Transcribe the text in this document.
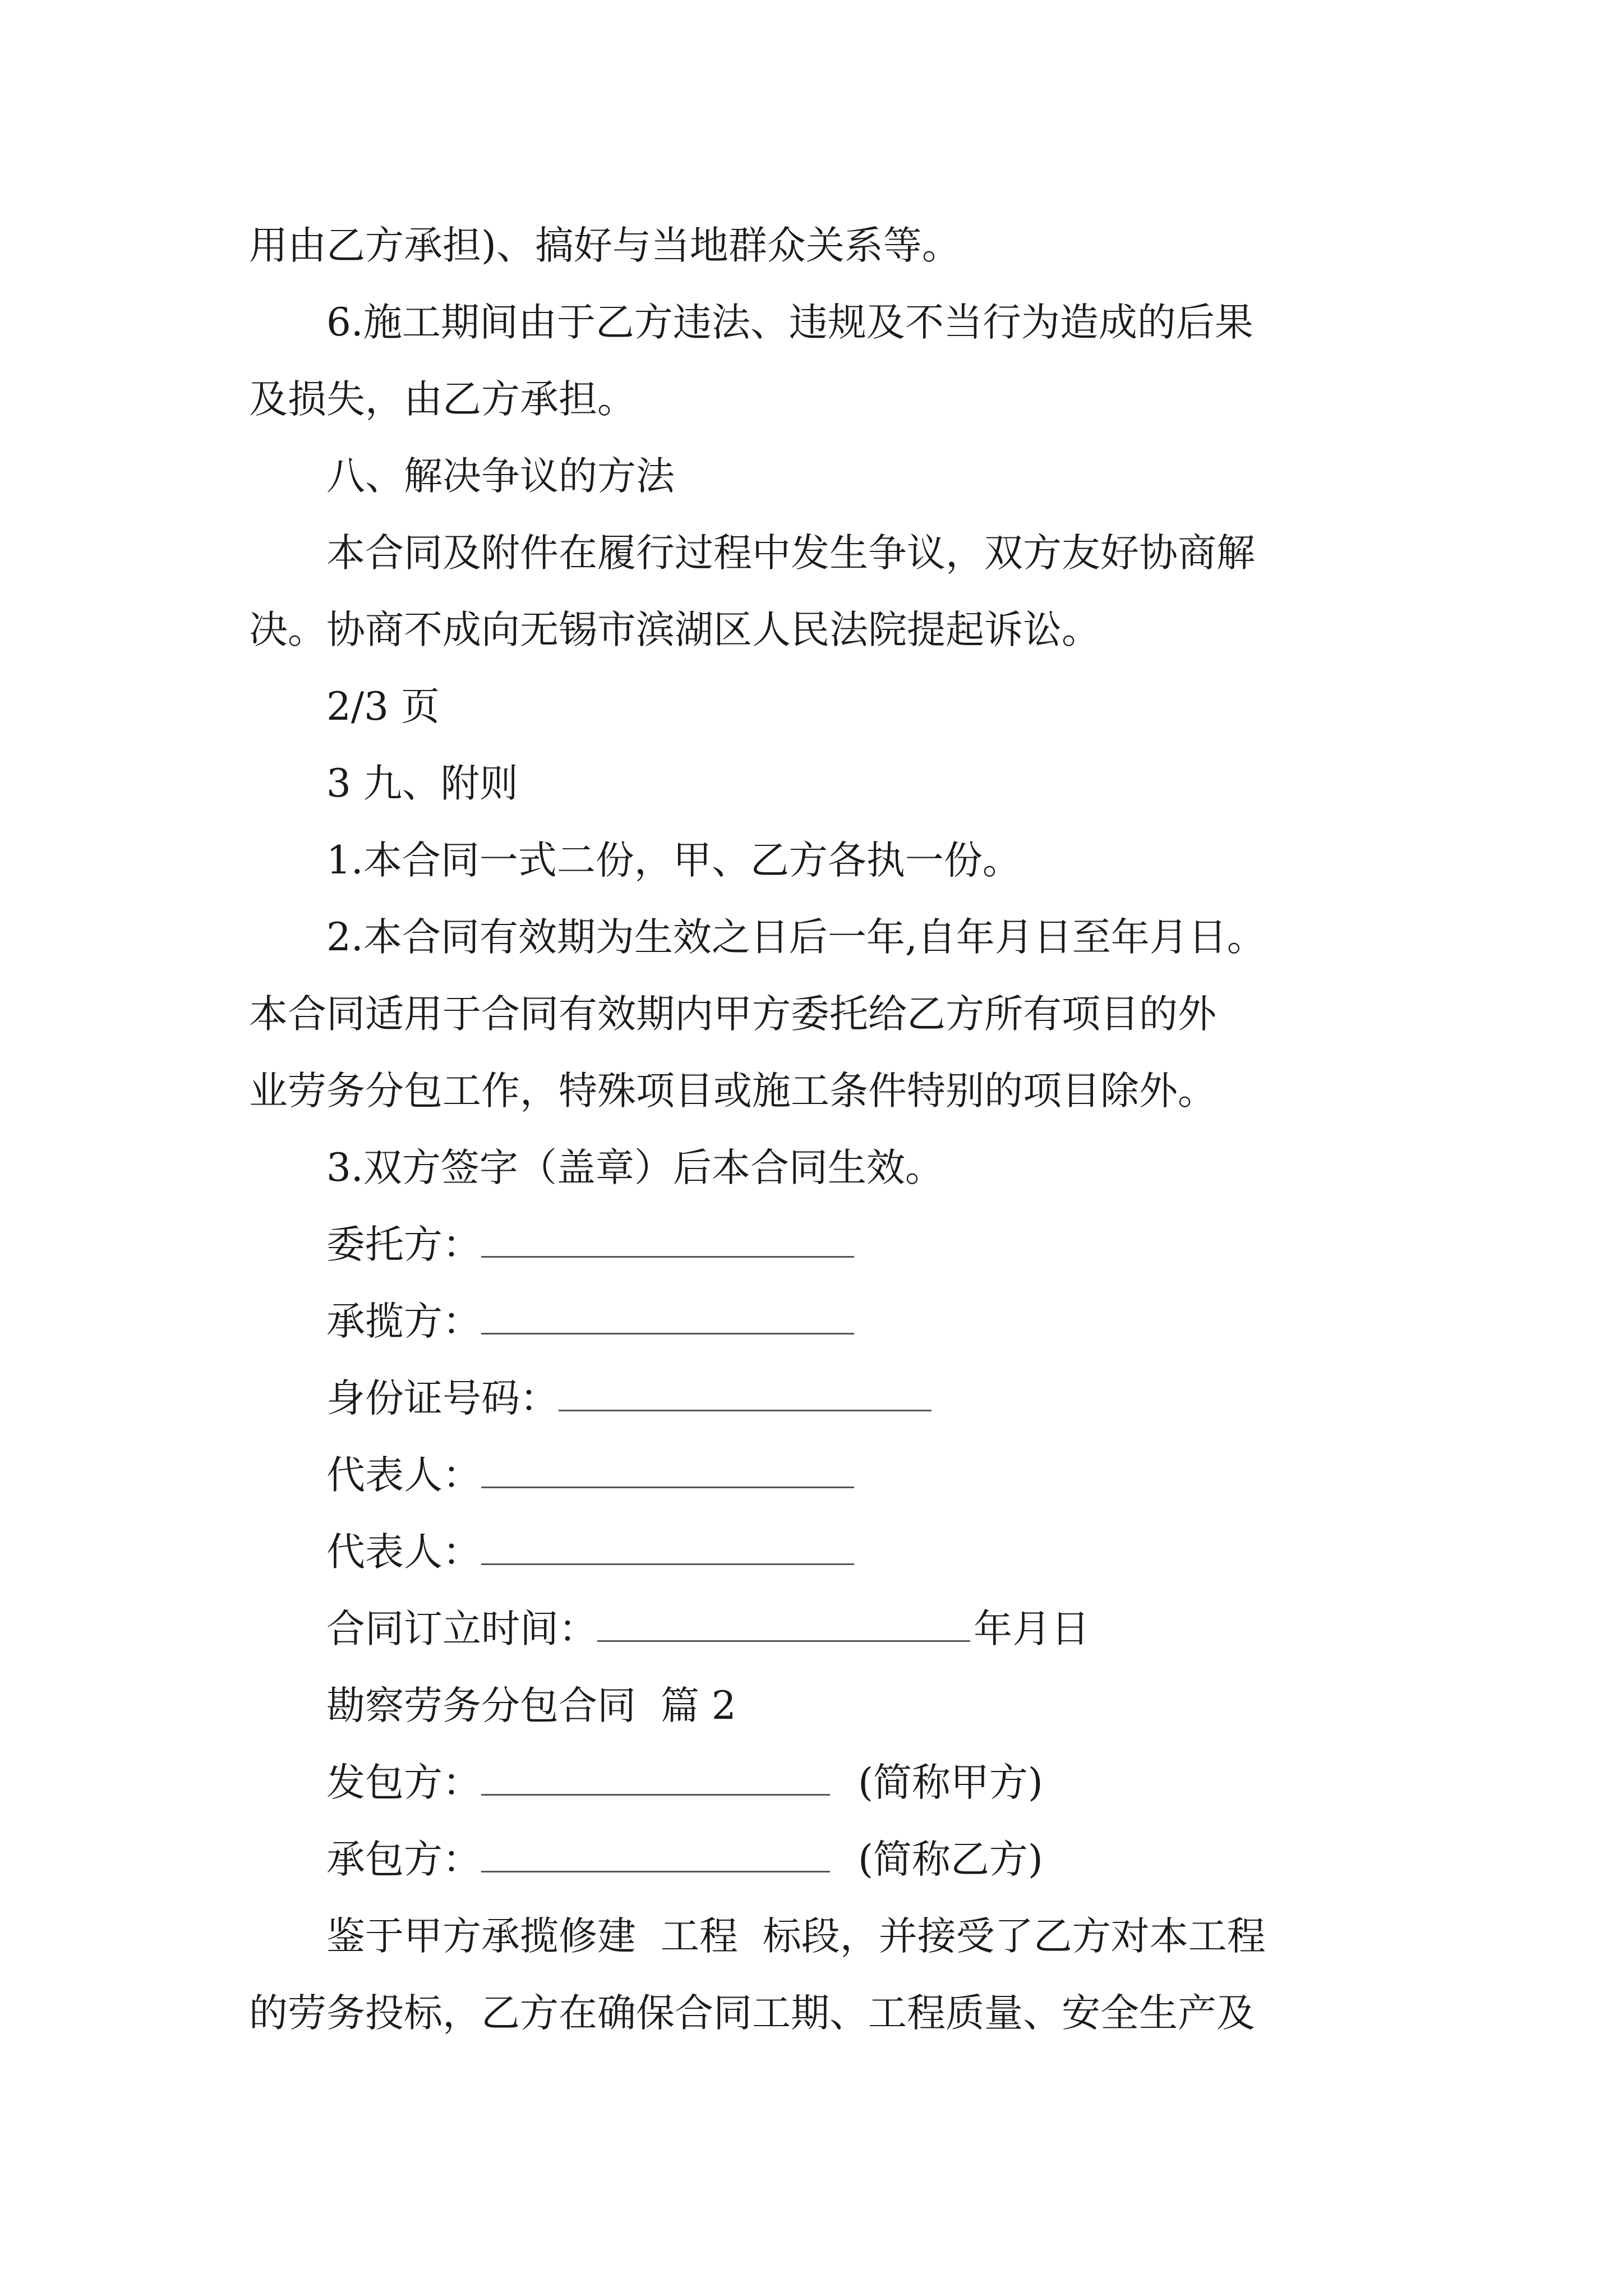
用由乙方承担)、搞好与当地群众关系等。

6.施工期间由于乙方违法、违规及不当行为造成的后果
及损失，由乙方承担。

八、解决争议的方法

本合同及附件在履行过程中发生争议，双方友好协商解
决。协商不成向无锡市滨湖区人民法院提起诉讼。

2/3 页

3 九、附则

1.本合同一式二份，甲、乙方各执一份。

2.本合同有效期为生效之日后一年,自年月日至年月日。
本合同适用于合同有效期内甲方委托给乙方所有项目的外
业劳务分包工作，特殊项目或施工条件特别的项目除外。

3.双方签字（盖章）后本合同生效。

委托方：

承揽方：

身份证号码：

代表人：

代表人：

合同订立时间：	年月日

勘察劳务分包合同  篇 2

发包方：	(简称甲方)

承包方：	(简称乙方)

鉴于甲方承揽修建  工程  标段，并接受了乙方对本工程
的劳务投标，乙方在确保合同工期、工程质量、安全生产及
